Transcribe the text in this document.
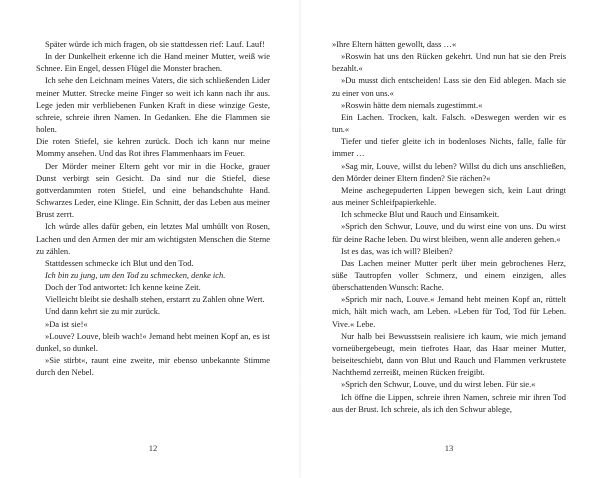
Später würde ich mich fragen, ob sie stattdessen rief: Lauf. Lauf!

In der Dunkelheit erkenne ich die Hand meiner Mutter, weiß wie Schnee. Ein Engel, dessen Flügel die Monster brachen.

Ich sehe den Leichnam meines Vaters, die sich schließenden Lider meiner Mutter. Strecke meine Finger so weit ich kann nach ihr aus. Lege jeden mir verbliebenen Funken Kraft in diese winzige Geste, schreie, schreie ihren Namen. In Gedanken. Ehe die Flammen sie holen.

Die roten Stiefel, sie kehren zurück. Doch ich kann nur meine Mommy ansehen. Und das Rot ihres Flammenhaars im Feuer.

Der Mörder meiner Eltern geht vor mir in die Hocke, grauer Dunst verbirgt sein Gesicht. Da sind nur die Stiefel, diese gottverdammten roten Stiefel, und eine behandschuhte Hand. Schwarzes Leder, eine Klinge. Ein Schnitt, der das Leben aus meiner Brust zerrt.

Ich würde alles dafür geben, ein letztes Mal umhüllt von Rosen, Lachen und den Armen der mir am wichtigsten Menschen die Sterne zu zählen.

Stattdessen schmecke ich Blut und den Tod.

Ich bin zu jung, um den Tod zu schmecken, denke ich.

Doch der Tod antwortet: Ich kenne keine Zeit.

Vielleicht bleibt sie deshalb stehen, erstarrt zu Zahlen ohne Wert.

Und dann kehrt sie zu mir zurück.

»Da ist sie!«

»Louve? Louve, bleib wach!« Jemand hebt meinen Kopf an, es ist dunkel, so dunkel.

»Sie stirbt«, raunt eine zweite, mir ebenso unbekannte Stimme durch den Nebel.

12

»Ihre Eltern hätten gewollt, dass …«

»Roswin hat uns den Rücken gekehrt. Und nun hat sie den Preis bezahlt.«

»Du musst dich entscheiden! Lass sie den Eid ablegen. Mach sie zu einer von uns.«

»Roswin hätte dem niemals zugestimmt.«

Ein Lachen. Trocken, kalt. Falsch. »Deswegen werden wir es tun.«

Tiefer und tiefer gleite ich in bodenloses Nichts, falle, falle für immer …

»Sag mir, Louve, willst du leben? Willst du dich uns anschließen, den Mörder deiner Eltern finden? Sie rächen?«

Meine aschegepuderten Lippen bewegen sich, kein Laut dringt aus meiner Schleifpapierkehle.

Ich schmecke Blut und Rauch und Einsamkeit.

»Sprich den Schwur, Louve, und du wirst eine von uns. Du wirst für deine Rache leben. Du wirst bleiben, wenn alle anderen gehen.«

Ist es das, was ich will? Bleiben?

Das Lachen meiner Mutter perlt über mein gebrochenes Herz, süße Tautropfen voller Schmerz, und einem einzigen, alles überschattenden Wunsch: Rache.

»Sprich mir nach, Louve.« Jemand hebt meinen Kopf an, rüttelt mich, hält mich wach, am Leben. »Leben für Tod, Tod für Leben. Vive.« Lebe.

Nur halb bei Bewusstsein realisiere ich kaum, wie mich jemand vorneübergebeugt, mein tiefrotes Haar, das Haar meiner Mutter, beiseiteschiebt, dann von Blut und Rauch und Flammen verkrustete Nachthemd zerreißt, meinen Rücken freigibt.

»Sprich den Schwur, Louve, und du wirst leben. Für sie.«

Ich öffne die Lippen, schreie ihren Namen, schreie mir ihren Tod aus der Brust. Ich schreie, als ich den Schwur ablege,

13
